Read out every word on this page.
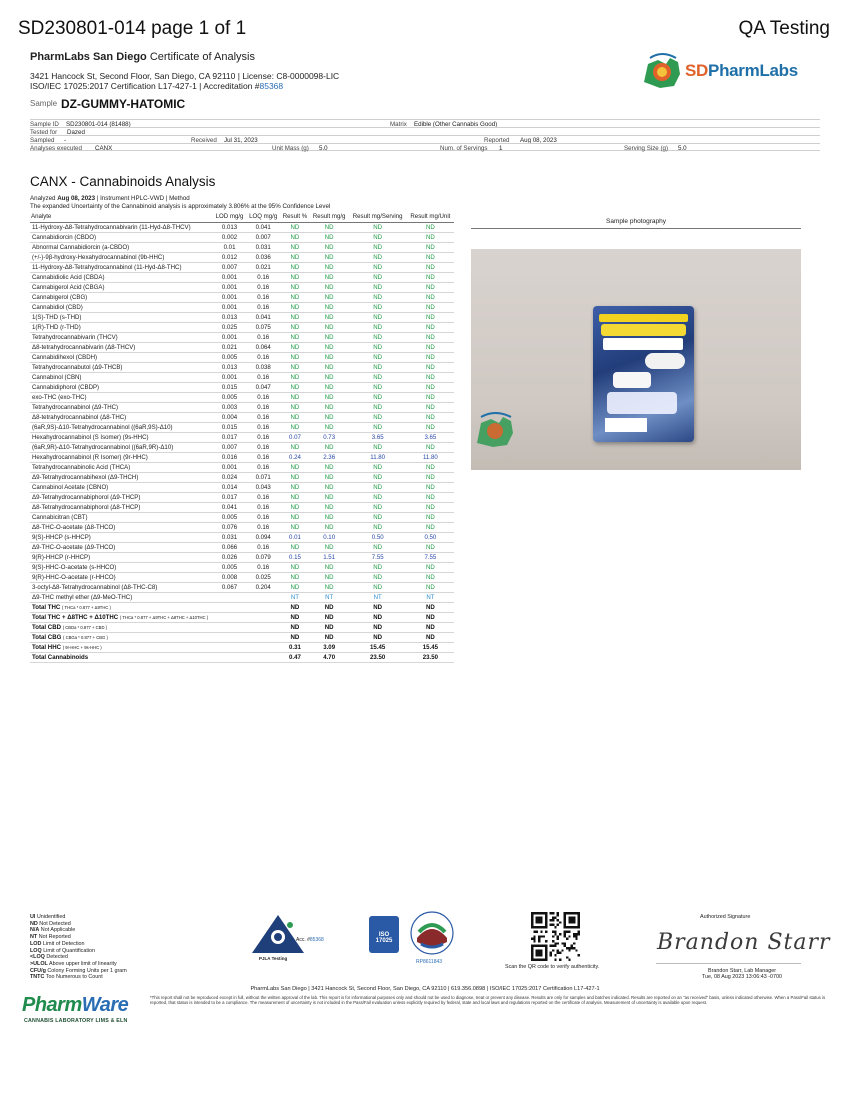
SD230801-014 page 1 of 1	QA Testing
PharmLabs San Diego Certificate of Analysis
3421 Hancock St, Second Floor, San Diego, CA 92110 | License: C8-0000098-LIC
ISO/IEC 17025:2017 Certification L17-427-1 | Accreditation #85368
SDPharmLabs
Sample DZ-GUMMY-HATOMIC
Sample ID SD230801-014 (81488)	Matrix Edible (Other Cannabis Good)
Tested for Dazed
Sampled -	Received Jul 31, 2023	Reported Aug 08, 2023
Analyses executed CANX	Unit Mass (g) 5.0	Num. of Servings 1	Serving Size (g) 5.0
CANX - Cannabinoids Analysis
Analyzed Aug 08, 2023 | Instrument HPLC-VWD | Method
The expanded Uncertainty of the Cannabinoid analysis is approximately 3.806% at the 95% Confidence Level
Analyte	LOD mg/g	LOQ mg/g	Result %	Result mg/g	Result mg/Serving	Result mg/Unit
11-Hydroxy-Δ8-Tetrahydrocannabivarin (11-Hyd-Δ8-THCV)	0.013	0.041	ND	ND	ND	ND
Cannabidiorcin (CBDO)	0.002	0.007	ND	ND	ND	ND
Abnormal Cannabidiorcin (a-CBDO)	0.01	0.031	ND	ND	ND	ND
(+/-)-9β-hydroxy-Hexahydrocannabinol (9b-HHC)	0.012	0.036	ND	ND	ND	ND
11-Hydroxy-Δ8-Tetrahydrocannabinol (11-Hyd-Δ8-THC)	0.007	0.021	ND	ND	ND	ND
Cannabidiolic Acid (CBDA)	0.001	0.16	ND	ND	ND	ND
Cannabigerol Acid (CBGA)	0.001	0.16	ND	ND	ND	ND
Cannabigerol (CBG)	0.001	0.16	ND	ND	ND	ND
Cannabidiol (CBD)	0.001	0.16	ND	ND	ND	ND
1(S)-THD (s-THD)	0.013	0.041	ND	ND	ND	ND
1(R)-THD (r-THD)	0.025	0.075	ND	ND	ND	ND
Tetrahydrocannabivarin (THCV)	0.001	0.16	ND	ND	ND	ND
Δ8-tetrahydrocannabivarin (Δ8-THCV)	0.021	0.064	ND	ND	ND	ND
Cannabidihexol (CBDH)	0.005	0.16	ND	ND	ND	ND
Tetrahydrocannabutol (Δ9-THCB)	0.013	0.038	ND	ND	ND	ND
Cannabinol (CBN)	0.001	0.16	ND	ND	ND	ND
Cannabidiphorol (CBDP)	0.015	0.047	ND	ND	ND	ND
exo-THC (exo-THC)	0.005	0.16	ND	ND	ND	ND
Tetrahydrocannabinol (Δ9-THC)	0.003	0.16	ND	ND	ND	ND
Δ8-tetrahydrocannabinol (Δ8-THC)	0.004	0.16	ND	ND	ND	ND
(6aR,9S)-Δ10-Tetrahydrocannabinol ((6aR,9S)-Δ10)	0.015	0.16	ND	ND	ND	ND
Hexahydrocannabinol (S Isomer) (9s-HHC)	0.017	0.16	0.07	0.73	3.65	3.65
(6aR,9R)-Δ10-Tetrahydrocannabinol ((6aR,9R)-Δ10)	0.007	0.16	ND	ND	ND	ND
Hexahydrocannabinol (R Isomer) (9r-HHC)	0.016	0.16	0.24	2.36	11.80	11.80
Tetrahydrocannabinolic Acid (THCA)	0.001	0.16	ND	ND	ND	ND
Δ9-Tetrahydrocannabihexol (Δ9-THCH)	0.024	0.071	ND	ND	ND	ND
Cannabinol Acetate (CBNO)	0.014	0.043	ND	ND	ND	ND
Δ9-Tetrahydrocannabiphorol (Δ9-THCP)	0.017	0.16	ND	ND	ND	ND
Δ8-Tetrahydrocannabiphorol (Δ8-THCP)	0.041	0.16	ND	ND	ND	ND
Cannabicitran (CBT)	0.005	0.16	ND	ND	ND	ND
Δ8-THC-O-acetate (Δ8-THCO)	0.076	0.16	ND	ND	ND	ND
9(S)-HHCP (s-HHCP)	0.031	0.094	0.01	0.10	0.50	0.50
Δ9-THC-O-acetate (Δ9-THCO)	0.066	0.16	ND	ND	ND	ND
9(R)-HHCP (r-HHCP)	0.026	0.079	0.15	1.51	7.55	7.55
9(S)-HHC-O-acetate (s-HHCO)	0.005	0.16	ND	ND	ND	ND
9(R)-HHC-O-acetate (r-HHCO)	0.008	0.025	ND	ND	ND	ND
3-octyl-Δ8-Tetrahydrocannabinol (Δ8-THC-C8)	0.067	0.204	ND	ND	ND	ND
Δ9-THC methyl ether (Δ9-MeO-THC)			NT	NT	NT	NT
Total THC ( THCa * 0.877 + Δ9THC )			ND	ND	ND	ND
Total THC + Δ8THC + Δ10THC ( THCa * 0.877 + Δ9THC + Δ8THC + Δ10THC )			ND	ND	ND	ND
Total CBD ( CBDa * 0.877 + CBD )			ND	ND	ND	ND
Total CBG ( CBGa * 0.877 + CBG )			ND	ND	ND	ND
Total HHC ( 9r-HHC + 9s-HHC )			0.31	3.09	15.45	15.45
Total Cannabinoids			0.47	4.70	23.50	23.50
Sample photography
UI Unidentified
ND Not Detected
N/A Not Applicable
NT Not Reported
LOD Limit of Detection
LOQ Limit of Quantification
<LOQ Detected
>ULOL Above upper limit of linearity
CFU/g Colony Forming Units per 1 gram
TNTC Too Numerous to Count
Acc. #85368
PJLA Testing
ISO 17025
RP8611843
Scan the QR code to verify authenticity.
Authorized Signature
Brandon Starr
Brandon Starr, Lab Manager
Tue, 08 Aug 2023 13:06:43 -0700
PharmLabs San Diego | 3421 Hancock St, Second Floor, San Diego, CA 92110 | 619.356.0898 | ISO/IEC 17025:2017 Certification L17-427-1
PharmWare
CANNABIS LABORATORY LIMS & ELN
*This report shall not be reproduced except in full, without the written approval of the lab. This report is for informational purposes only and should not be used to diagnose, treat or prevent any disease. Results are only for samples and batches indicated. Results are reported on an "as received" basis, unless indicated otherwise. When a Pass/Fail status is reported, that status is intended to be a compliance. The measurement of uncertainty is not included in the Pass/Fail evaluation unless explicitly required by federal, state and local laws and regulations reported on the certificate of analysis. Measurement of uncertainty is available upon request.
